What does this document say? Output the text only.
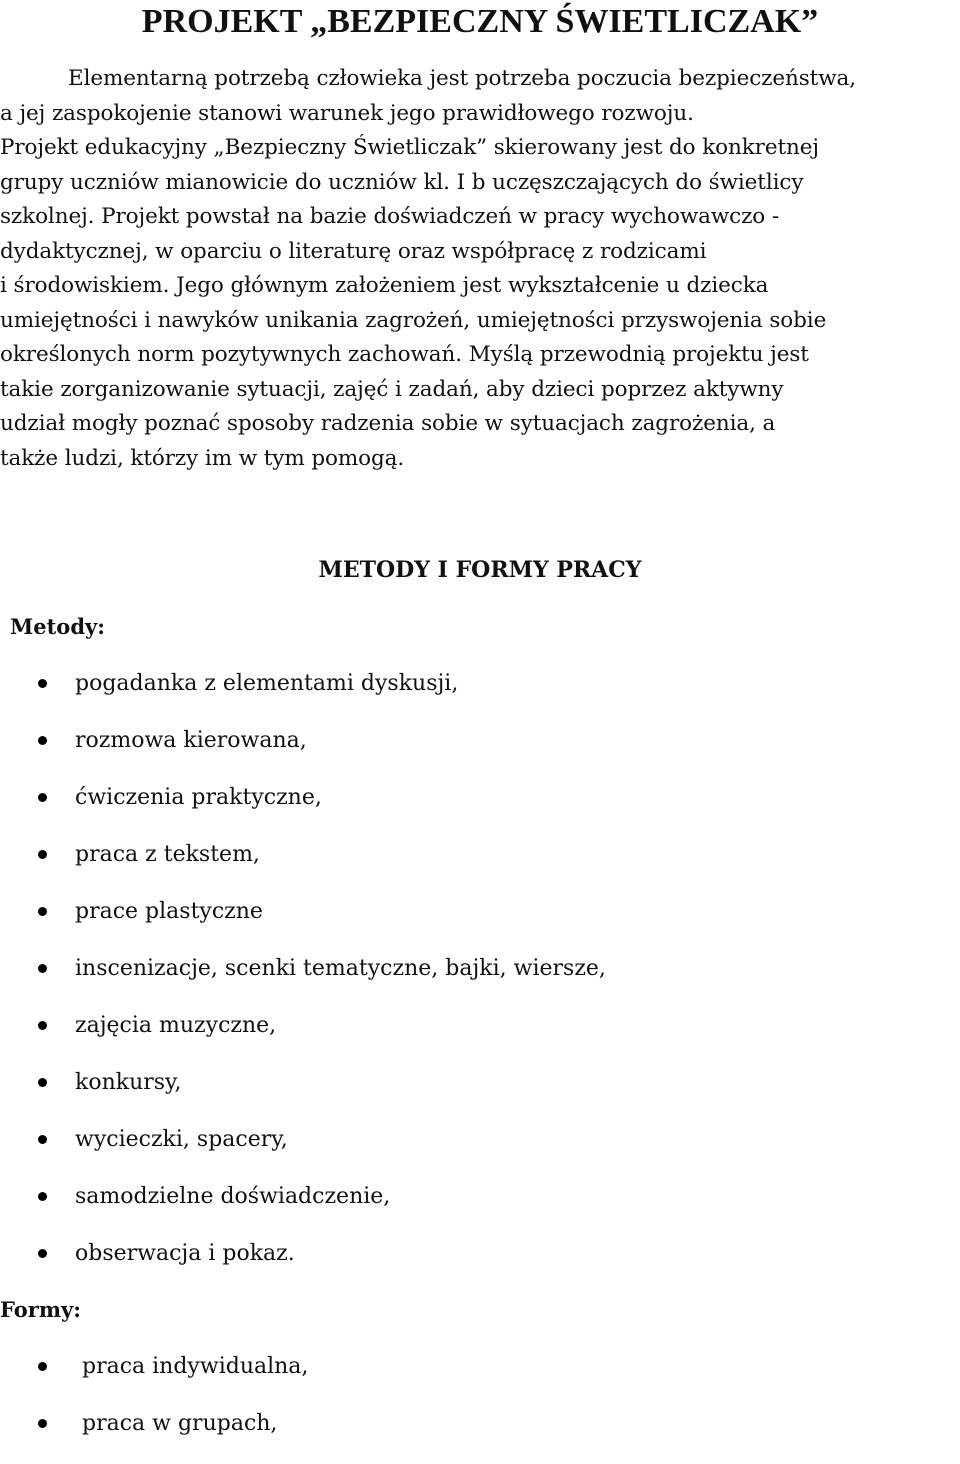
PROJEKT „BEZPIECZNY ŚWIETLICZAK”
Elementarną potrzebą człowieka jest potrzeba poczucia bezpieczeństwa,
a jej zaspokojenie stanowi warunek jego prawidłowego rozwoju.
Projekt edukacyjny „Bezpieczny Świetliczak” skierowany jest do konkretnej
grupy uczniów mianowicie do uczniów kl. I b uczęszczających do świetlicy
szkolnej. Projekt powstał na bazie doświadczeń w pracy wychowawczo -
dydaktycznej, w oparciu o literaturę oraz współpracę z rodzicami
i środowiskiem. Jego głównym założeniem jest wykształcenie u dziecka
umiejętności i nawyków unikania zagrożeń, umiejętności przyswojenia sobie
określonych norm pozytywnych zachowań. Myślą przewodnią projektu jest
takie zorganizowanie sytuacji, zajęć i zadań, aby dzieci poprzez aktywny
udział mogły poznać sposoby radzenia sobie w sytuacjach zagrożenia, a
także ludzi, którzy im w tym pomogą.
METODY I FORMY PRACY
Metody:
pogadanka z elementami dyskusji,
rozmowa kierowana,
ćwiczenia praktyczne,
praca z tekstem,
prace plastyczne
inscenizacje, scenki tematyczne, bajki, wiersze,
zajęcia muzyczne,
konkursy,
wycieczki, spacery,
samodzielne doświadczenie,
obserwacja i pokaz.
Formy:
praca indywidualna,
praca w grupach,
